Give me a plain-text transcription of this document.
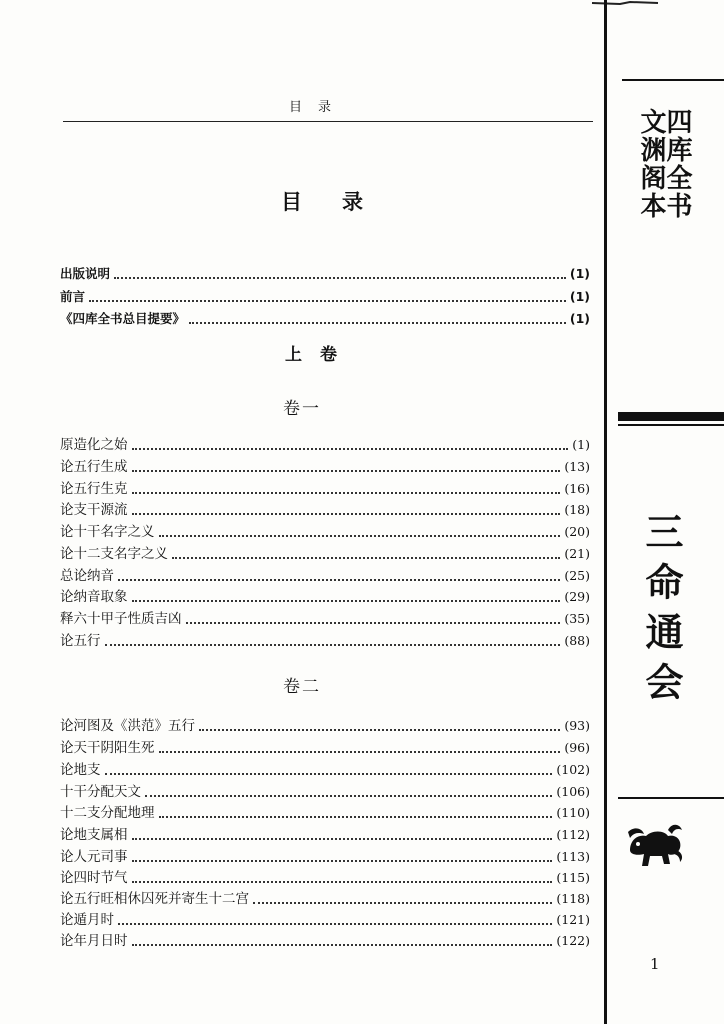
目录
目录
出版说明	(1)
前言	(1)
《四库全书总目提要》	(1)
上卷
卷一
原造化之始	(1)
论五行生成	(13)
论五行生克	(16)
论支干源流	(18)
论十干名字之义	(20)
论十二支名字之义	(21)
总论纳音	(25)
论纳音取象	(29)
释六十甲子性质吉凶	(35)
论五行	(88)
卷二
论河图及《洪范》五行	(93)
论天干阴阳生死	(96)
论地支	(102)
十干分配天文	(106)
十二支分配地理	(110)
论地支属相	(112)
论人元司事	(113)
论四时节气	(115)
论五行旺相休囚死并寄生十二宫	(118)
论遁月时	(121)
论年月日时	(122)
四库全书
文渊阁本
三命通会
1
